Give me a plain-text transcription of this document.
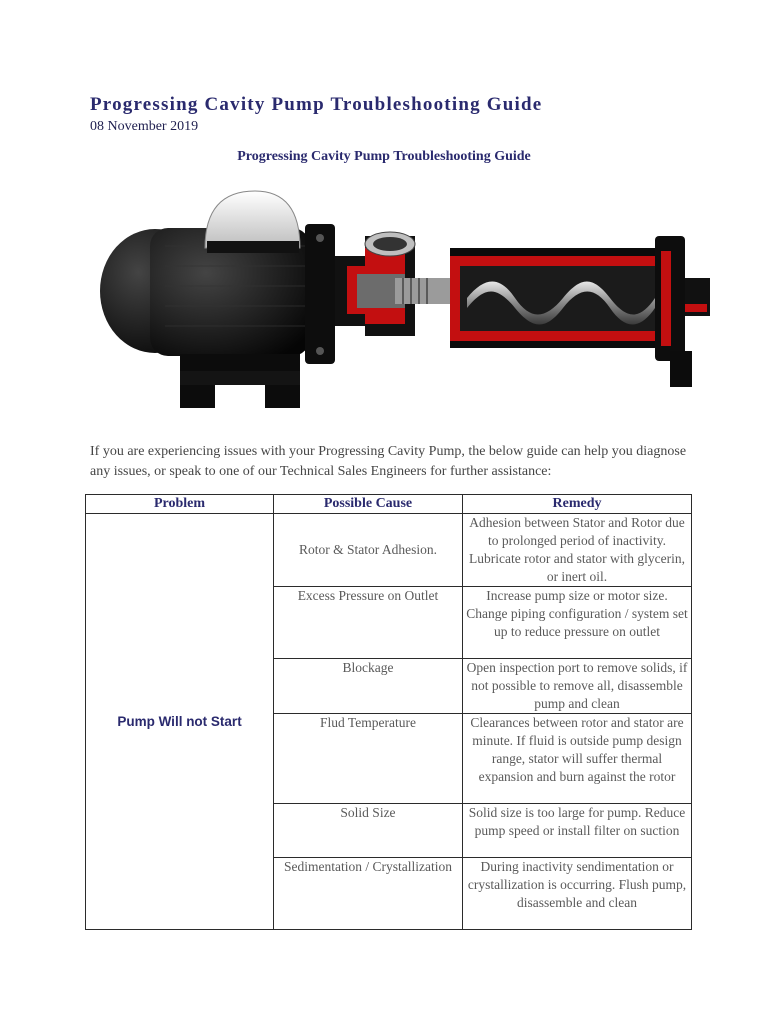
Progressing Cavity Pump Troubleshooting Guide
08 November 2019
Progressing Cavity Pump Troubleshooting Guide
If you are experiencing issues with your Progressing Cavity Pump, the below guide can help you diagnose any issues, or speak to one of our Technical Sales Engineers for further assistance:
Problem	Possible Cause	Remedy
Pump Will not Start	Rotor & Stator Adhesion.	Adhesion between Stator and Rotor due to prolonged period of inactivity. Lubricate rotor and stator with glycerin, or inert oil.
	Excess Pressure on Outlet	Increase pump size or motor size. Change piping configuration / system set up to reduce pressure on outlet
	Blockage	Open inspection port to remove solids, if not possible to remove all, disassemble pump and clean
	Flud Temperature	Clearances between rotor and stator are minute. If fluid is outside pump design range, stator will suffer thermal expansion and burn against the rotor
	Solid Size	Solid size is too large for pump. Reduce pump speed or install filter on suction
	Sedimentation / Crystallization	During inactivity sendimentation or crystallization is occurring. Flush pump, disassemble and clean
